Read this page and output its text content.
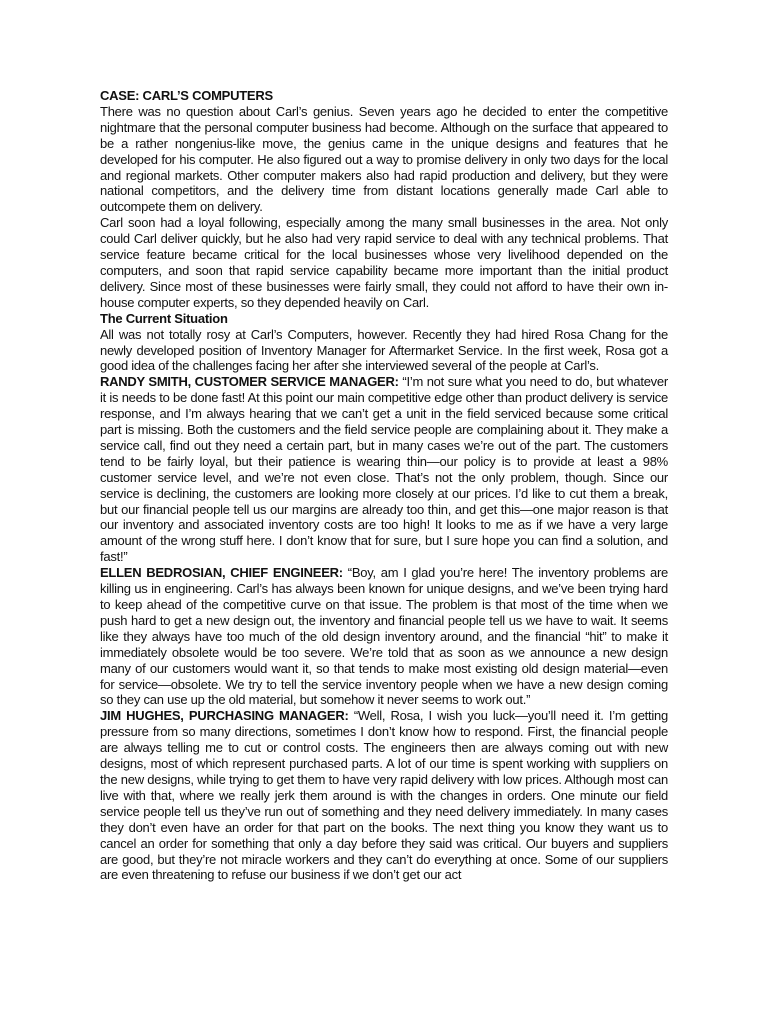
CASE: CARL’S COMPUTERS

There was no question about Carl’s genius. Seven years ago he decided to enter the competitive nightmare that the personal computer business had become. Although on the surface that appeared to be a rather nongenius-like move, the genius came in the unique designs and features that he developed for his computer. He also figured out a way to promise delivery in only two days for the local and regional markets. Other computer makers also had rapid production and delivery, but they were national competitors, and the delivery time from distant locations generally made Carl able to outcompete them on delivery.

Carl soon had a loyal following, especially among the many small businesses in the area. Not only could Carl deliver quickly, but he also had very rapid service to deal with any technical problems. That service feature became critical for the local businesses whose very livelihood depended on the computers, and soon that rapid service capability became more important than the initial product delivery. Since most of these businesses were fairly small, they could not afford to have their own in-house computer experts, so they depended heavily on Carl.

The Current Situation

All was not totally rosy at Carl’s Computers, however. Recently they had hired Rosa Chang for the newly developed position of Inventory Manager for Aftermarket Service. In the first week, Rosa got a good idea of the challenges facing her after she interviewed several of the people at Carl’s.

RANDY SMITH, CUSTOMER SERVICE MANAGER: “I’m not sure what you need to do, but whatever it is needs to be done fast! At this point our main competitive edge other than product delivery is service response, and I’m always hearing that we can’t get a unit in the field serviced because some critical part is missing. Both the customers and the field service people are complaining about it. They make a service call, find out they need a certain part, but in many cases we’re out of the part. The customers tend to be fairly loyal, but their patience is wearing thin—our policy is to provide at least a 98% customer service level, and we’re not even close. That’s not the only problem, though. Since our service is declining, the customers are looking more closely at our prices. I’d like to cut them a break, but our financial people tell us our margins are already too thin, and get this—one major reason is that our inventory and associated inventory costs are too high! It looks to me as if we have a very large amount of the wrong stuff here. I don’t know that for sure, but I sure hope you can find a solution, and fast!”

ELLEN BEDROSIAN, CHIEF ENGINEER: “Boy, am I glad you’re here! The inventory problems are killing us in engineering. Carl’s has always been known for unique designs, and we’ve been trying hard to keep ahead of the competitive curve on that issue. The problem is that most of the time when we push hard to get a new design out, the inventory and financial people tell us we have to wait. It seems like they always have too much of the old design inventory around, and the financial “hit” to make it immediately obsolete would be too severe. We’re told that as soon as we announce a new design many of our customers would want it, so that tends to make most existing old design material—even for service—obsolete. We try to tell the service inventory people when we have a new design coming so they can use up the old material, but somehow it never seems to work out.”

JIM HUGHES, PURCHASING MANAGER: “Well, Rosa, I wish you luck—you’ll need it. I’m getting pressure from so many directions, sometimes I don’t know how to respond. First, the financial people are always telling me to cut or control costs. The engineers then are always coming out with new designs, most of which represent purchased parts. A lot of our time is spent working with suppliers on the new designs, while trying to get them to have very rapid delivery with low prices. Although most can live with that, where we really jerk them around is with the changes in orders. One minute our field service people tell us they’ve run out of something and they need delivery immediately. In many cases they don’t even have an order for that part on the books. The next thing you know they want us to cancel an order for something that only a day before they said was critical. Our buyers and suppliers are good, but they’re not miracle workers and they can’t do everything at once. Some of our suppliers are even threatening to refuse our business if we don’t get our act
